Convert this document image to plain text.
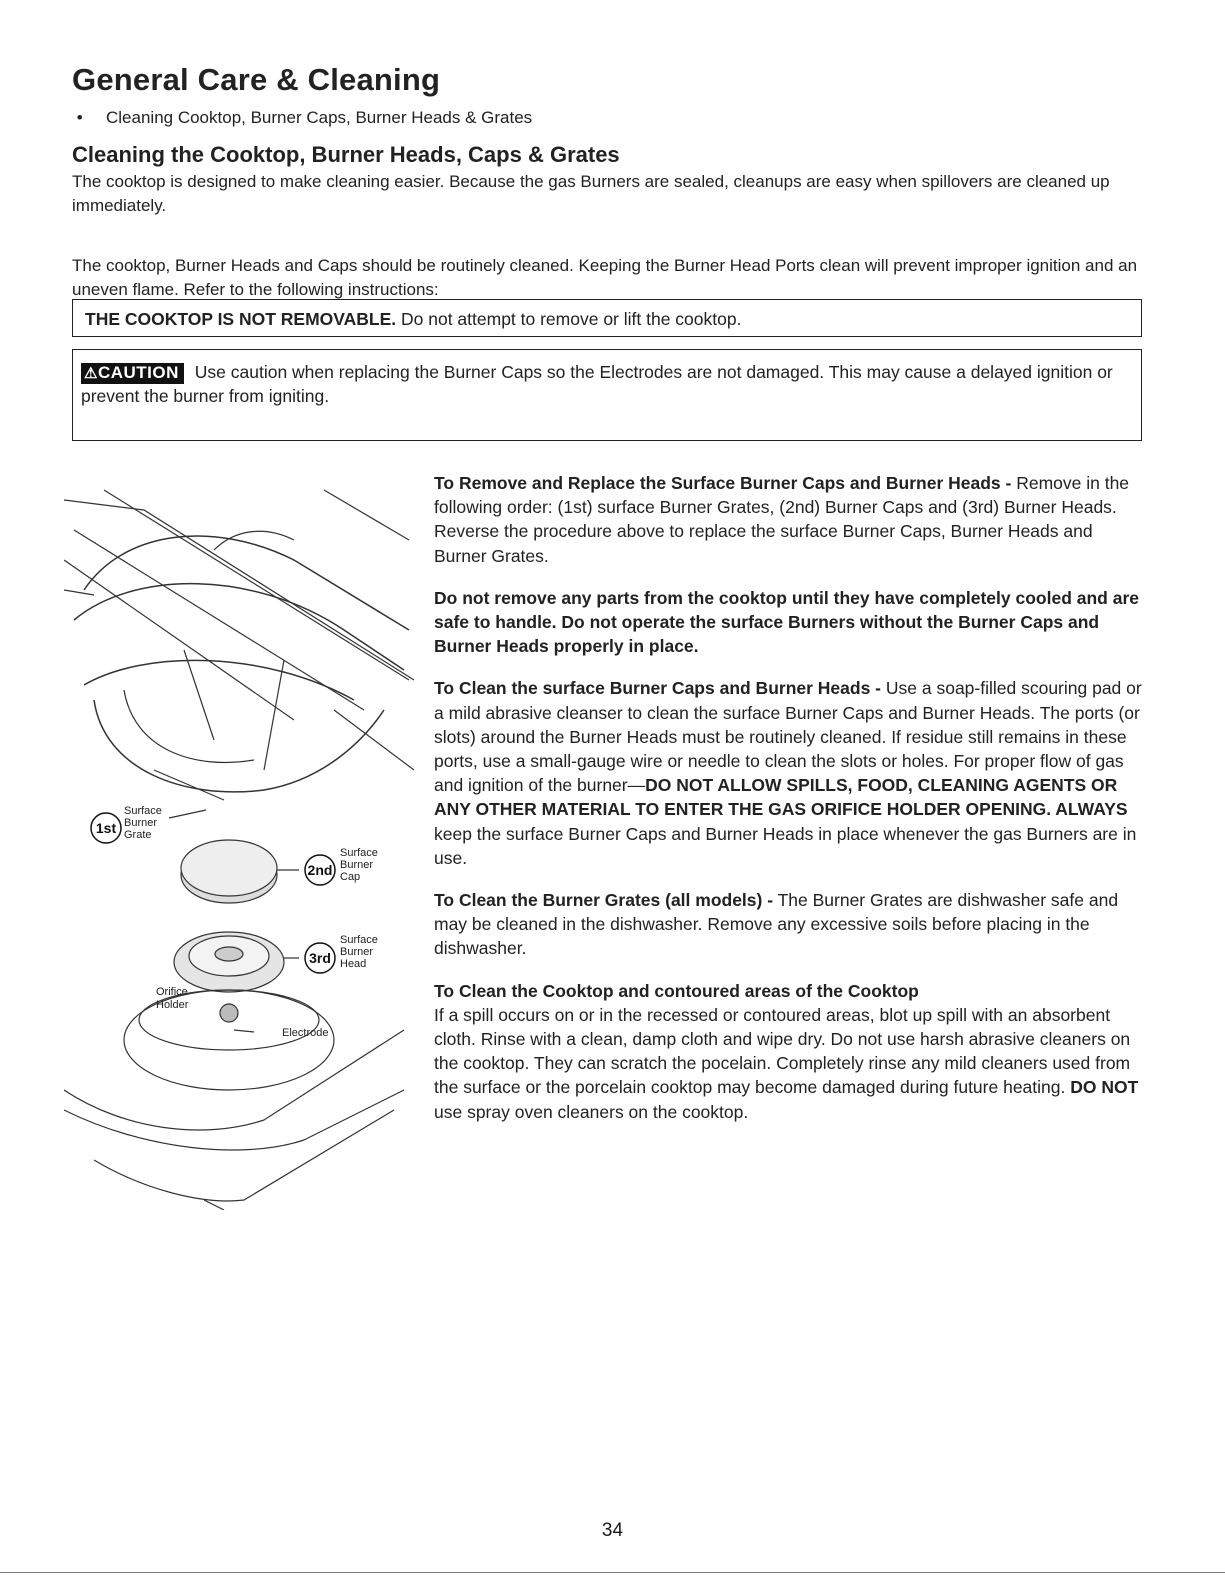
General Care & Cleaning
• Cleaning Cooktop, Burner Caps, Burner Heads & Grates
Cleaning the Cooktop, Burner Heads, Caps & Grates
The cooktop is designed to make cleaning easier. Because the gas Burners are sealed, cleanups are easy when spillovers are cleaned up immediately.
The cooktop, Burner Heads and Caps should be routinely cleaned. Keeping the Burner Head Ports clean will prevent improper ignition and an uneven flame. Refer to the following instructions:
THE COOKTOP IS NOT REMOVABLE. Do not attempt to remove or lift the cooktop.
⚠CAUTION Use caution when replacing the Burner Caps so the Electrodes are not damaged. This may cause a delayed ignition or prevent the burner from igniting.
1st
Surface
Burner
Grate
2nd
Surface
Burner
Cap
3rd
Surface
Burner
Head
Orifice
Holder
Electrode

To Remove and Replace the Surface Burner Caps and Burner Heads - Remove in the following order: (1st) surface Burner Grates, (2nd) Burner Caps and (3rd) Burner Heads. Reverse the procedure above to replace the surface Burner Caps, Burner Heads and Burner Grates.

Do not remove any parts from the cooktop until they have completely cooled and are safe to handle. Do not operate the surface Burners without the Burner Caps and Burner Heads properly in place.

To Clean the surface Burner Caps and Burner Heads - Use a soap-filled scouring pad or a mild abrasive cleanser to clean the surface Burner Caps and Burner Heads. The ports (or slots) around the Burner Heads must be routinely cleaned. If residue still remains in these ports, use a small-gauge wire or needle to clean the slots or holes. For proper flow of gas and ignition of the burner—DO NOT ALLOW SPILLS, FOOD, CLEANING AGENTS OR ANY OTHER MATERIAL TO ENTER THE GAS ORIFICE HOLDER OPENING. ALWAYS keep the surface Burner Caps and Burner Heads in place whenever the gas Burners are in use.

To Clean the Burner Grates (all models) - The Burner Grates are dishwasher safe and may be cleaned in the dishwasher. Remove any excessive soils before placing in the dishwasher.

To Clean the Cooktop and contoured areas of the Cooktop
If a spill occurs on or in the recessed or contoured areas, blot up spill with an absorbent cloth. Rinse with a clean, damp cloth and wipe dry. Do not use harsh abrasive cleaners on the cooktop. They can scratch the pocelain. Completely rinse any mild cleaners used from the surface or the porcelain cooktop may become damaged during future heating. DO NOT use spray oven cleaners on the cooktop.

34
